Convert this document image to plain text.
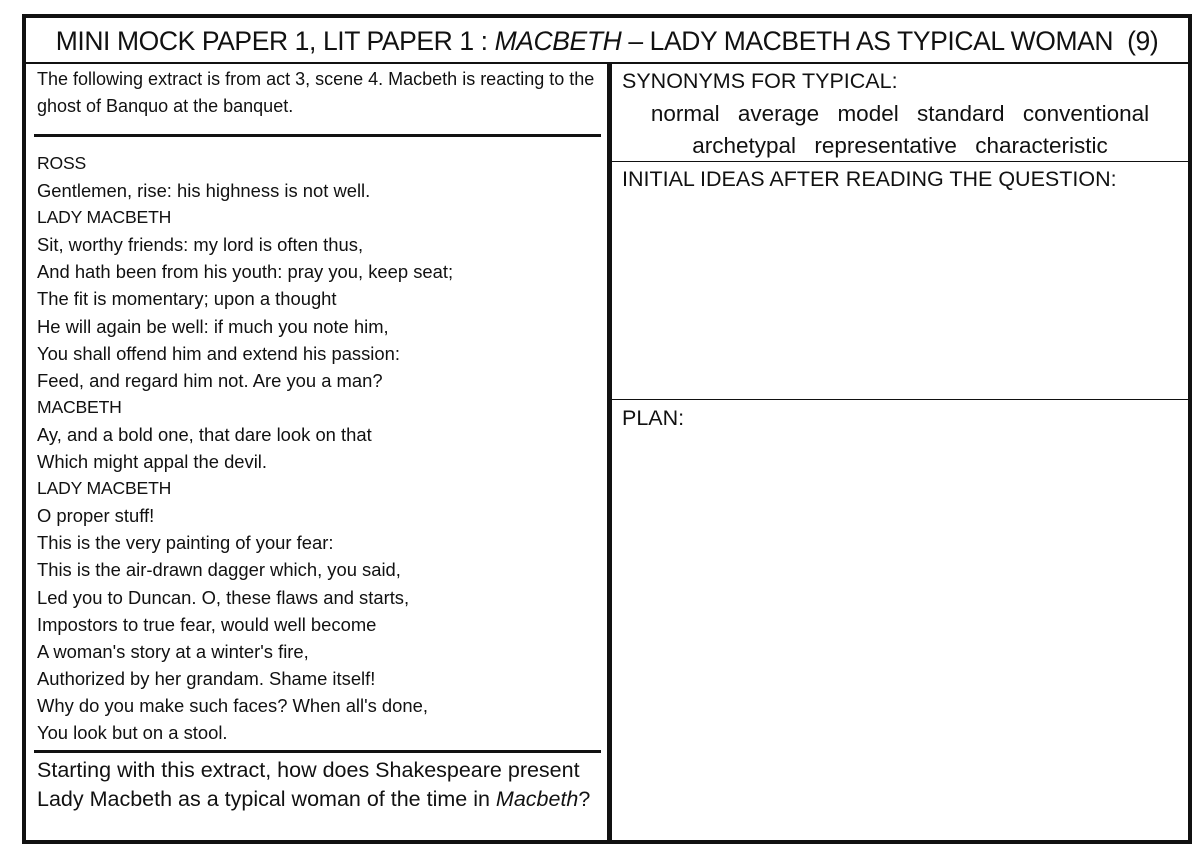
MINI MOCK PAPER 1, LIT PAPER 1 : MACBETH – LADY MACBETH AS TYPICAL WOMAN  (9)
The following extract is from act 3, scene 4. Macbeth is reacting to the ghost of Banquo at the banquet.
ROSS
Gentlemen, rise: his highness is not well.
LADY MACBETH
Sit, worthy friends: my lord is often thus,
And hath been from his youth: pray you, keep seat;
The fit is momentary; upon a thought
He will again be well: if much you note him,
You shall offend him and extend his passion:
Feed, and regard him not. Are you a man?
MACBETH
Ay, and a bold one, that dare look on that
Which might appal the devil.
LADY MACBETH
O proper stuff!
This is the very painting of your fear:
This is the air-drawn dagger which, you said,
Led you to Duncan. O, these flaws and starts,
Impostors to true fear, would well become
A woman's story at a winter's fire,
Authorized by her grandam. Shame itself!
Why do you make such faces? When all's done,
You look but on a stool.
Starting with this extract, how does Shakespeare present Lady Macbeth as a typical woman of the time in Macbeth?
SYNONYMS FOR TYPICAL:
normal average model standard conventional archetypal representative characteristic
INITIAL IDEAS AFTER READING THE QUESTION:
PLAN:
